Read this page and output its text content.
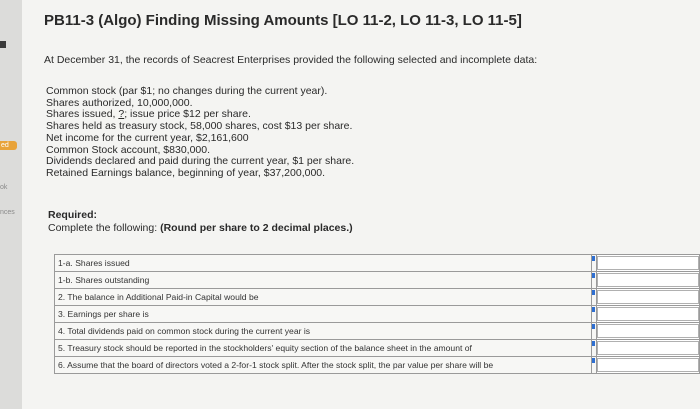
ed
ok
nces
PB11-3 (Algo) Finding Missing Amounts [LO 11-2, LO 11-3, LO 11-5]
At December 31, the records of Seacrest Enterprises provided the following selected and incomplete data:
Common stock (par $1; no changes during the current year).
Shares authorized, 10,000,000.
Shares issued, ?; issue price $12 per share.
Shares held as treasury stock, 58,000 shares, cost $13 per share.
Net income for the current year, $2,161,600
Common Stock account, $830,000.
Dividends declared and paid during the current year, $1 per share.
Retained Earnings balance, beginning of year, $37,200,000.
Required:
Complete the following: (Round per share to 2 decimal places.)
1-a. Shares issued		
1-b. Shares outstanding		
2. The balance in Additional Paid-in Capital would be		
3. Earnings per share is		
4. Total dividends paid on common stock during the current year is		
5. Treasury stock should be reported in the stockholders' equity section of the balance sheet in the amount of		
6. Assume that the board of directors voted a 2-for-1 stock split. After the stock split, the par value per share will be		
